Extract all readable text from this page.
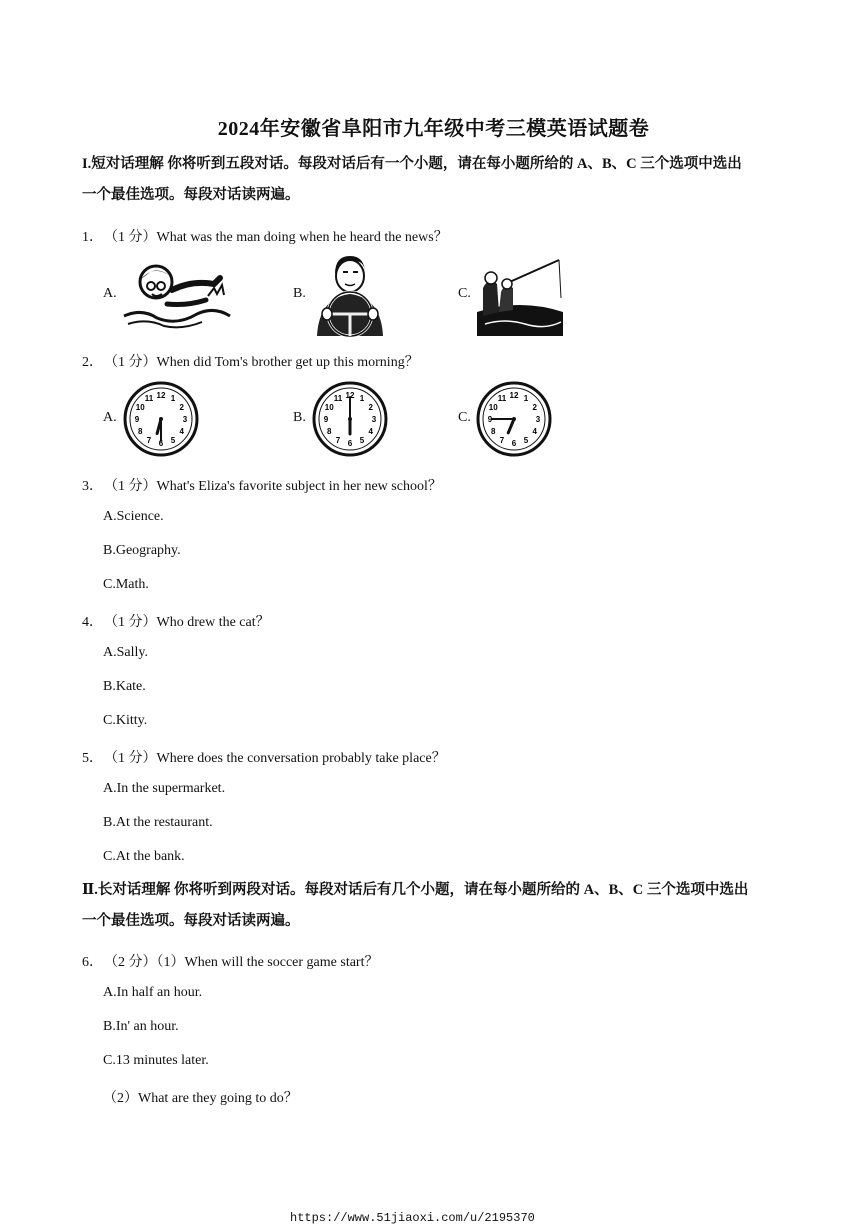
2024年安徽省阜阳市九年级中考三模英语试题卷
I.短对话理解 你将听到五段对话。每段对话后有一个小题，请在每小题所给的 A、B、C 三个选项中选出
一个最佳选项。每段对话读两遍。
1．（1 分）What was the man doing when he heard the news？
A.	B.	C.
2．（1 分）When did Tom's brother get up this morning？
A.	B.	C.
12 1
2
3
4
5
6
7
8
9
10
11	12 1
2
3
4
5
6
7
8
9
10
11	12 1
2
3
4
5
6
7
8
9
10
11
3．（1 分）What's Eliza's favorite subject in her new school？
A.Science.
B.Geography.
C.Math.
4．（1 分）Who drew the cat？
A.Sally.
B.Kate.
C.Kitty.
5．（1 分）Where does the conversation probably take place？
A.In the supermarket.
B.At the restaurant.
C.At the bank.
Ⅱ.长对话理解 你将听到两段对话。每段对话后有几个小题，请在每小题所给的 A、B、C 三个选项中选出
一个最佳选项。每段对话读两遍。
6．（2 分）（1）When will the soccer game start？
A.In half an hour.
B.In' an hour.
C.13 minutes later.
（2）What are they going to do？
https://www.51jiaoxi.com/u/2195370
